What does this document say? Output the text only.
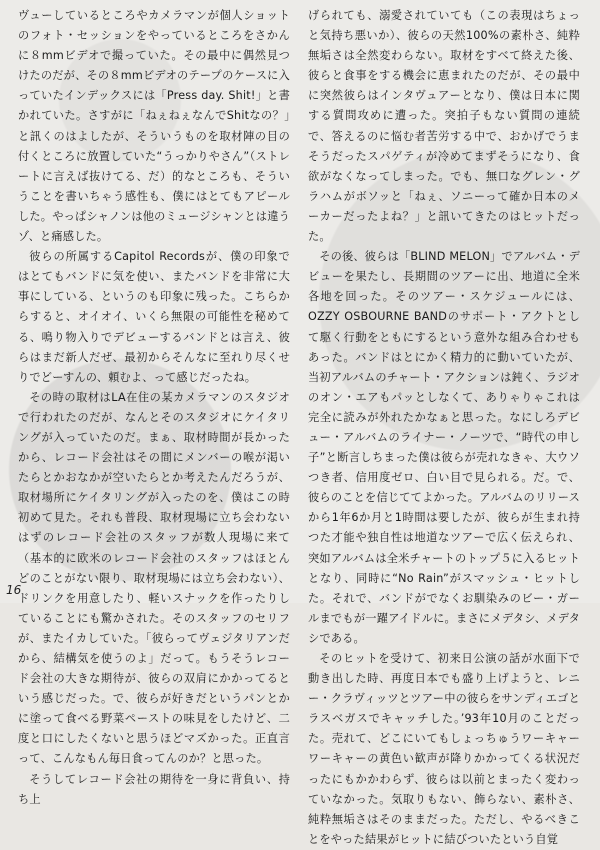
ヴューしているところやカメラマンが個人ショットのフォト・セッションをやっているところをさかんに８mmビデオで撮っていた。その最中に偶然見つけたのだが、その８mmビデオのテープのケースに入っていたインデックスには「Press day. Shit!」と書かれていた。さすがに「ねぇねぇなんでShitなの？」と訊くのはよしたが、そういうものを取材陣の目の付くところに放置していた“うっかりやさん”（ストレートに言えば抜けてる、だ）的なところも、そういうことを書いちゃう感性も、僕にはとてもアピールした。やっぱシャノンは他のミュージシャンとは違うゾ、と痛感した。

彼らの所属するCapitol Recordsが、僕の印象ではとてもバンドに気を使い、またバンドを非常に大事にしている、というのも印象に残った。こちらからすると、オイオイ、いくら無限の可能性を秘めてる、鳴り物入りでデビューするバンドとは言え、彼らはまだ新人だぜ、最初からそんなに至れり尽くせりでどーすんの、頼むよ、って感じだったね。

その時の取材はLA在住の某カメラマンのスタジオで行われたのだが、なんとそのスタジオにケイタリングが入っていたのだ。まぁ、取材時間が長かったから、レコード会社はその間にメンバーの喉が渇いたらとかおなかが空いたらとか考えたんだろうが、取材場所にケイタリングが入ったのを、僕はこの時初めて見た。それも普段、取材現場に立ち会わないはずのレコード会社のスタッフが数人現場に来て（基本的に欧米のレコード会社のスタッフはほとんどのことがない限り、取材現場には立ち会わない）、ドリンクを用意したり、軽いスナックを作ったりしていることにも驚かされた。そのスタッフのセリフが、またイカしていた。「彼らってヴェジタリアンだから、結構気を使うのよ」だって。もうそうレコード会社の大きな期待が、彼らの双肩にかかってるという感じだった。で、彼らが好きだというパンとかに塗って食べる野菜ペーストの味見をしたけど、二度と口にしたくないと思うほどマズかった。正直言って、こんなもん毎日食ってんのか？と思った。

そうしてレコード会社の期待を一身に背負い、持ち上

げられても、溺愛されていても（この表現はちょっと気持ち悪いか）、彼らの天然100%の素朴さ、純粋無垢さは全然変わらない。取材をすべて終えた後、彼らと食事をする機会に恵まれたのだが、その最中に突然彼らはインタヴュアーとなり、僕は日本に関する質問攻めに遭った。突拍子もない質問の連続で、答えるのに悩む者苦労する中で、おかげでうまそうだったスパゲティが冷めてまずそうになり、食欲がなくなってしまった。でも、無口なグレン・グラハムがボソッと「ねぇ、ソニーって確か日本のメーカーだったよね？」と訊いてきたのはヒットだった。

その後、彼らは「BLIND MELON」でアルバム・デビューを果たし、長期間のツアーに出、地道に全米各地を回った。そのツアー・スケジュールには、OZZY OSBOURNE BANDのサポート・アクトとして駆く行動をともにするという意外な組み合わせもあった。バンドはとにかく精力的に動いていたが、当初アルバムのチャート・アクションは鈍く、ラジオのオン・エアもパッとしなくて、ありゃりゃこれは完全に読みが外れたかなぁと思った。なにしろデビュー・アルバムのライナー・ノーツで、“時代の申し子”と断言しちまった僕は彼らが売れなきゃ、大ウソつき者、信用度ゼロ、白い目で見られる。だ。で、彼らのことを信じててよかった。アルバムのリリースから1年6か月と1時間は要したが、彼らが生まれ持つた才能や独自性は地道なツアーで広く伝えられ、突如アルバムは全米チャートのトップ５に入るヒットとなり、同時に“No Rain”がスマッシュ・ヒットした。それで、バンドがでなくお馴染みのビー・ガールまでもが一躍アイドルに。まさにメデタシ、メデタシである。

そのヒットを受けて、初来日公演の話が水面下で動き出した時、再度日本でも盛り上げようと、レニー・クラヴィッツとツアー中の彼らをサンディエゴとラスベガスでキャッチした。’93年10月のことだった。売れて、どこにいてもしょっちゅうワーキャーワーキャーの黄色い歓声が降りかかってくる状況だったにもかかわらず、彼らは以前とまったく変わっていなかった。気取りもない、飾らない、素朴さ、純粋無垢さはそのままだった。ただし、やるべきことをやった結果がヒットに結びついたという自覚

16
